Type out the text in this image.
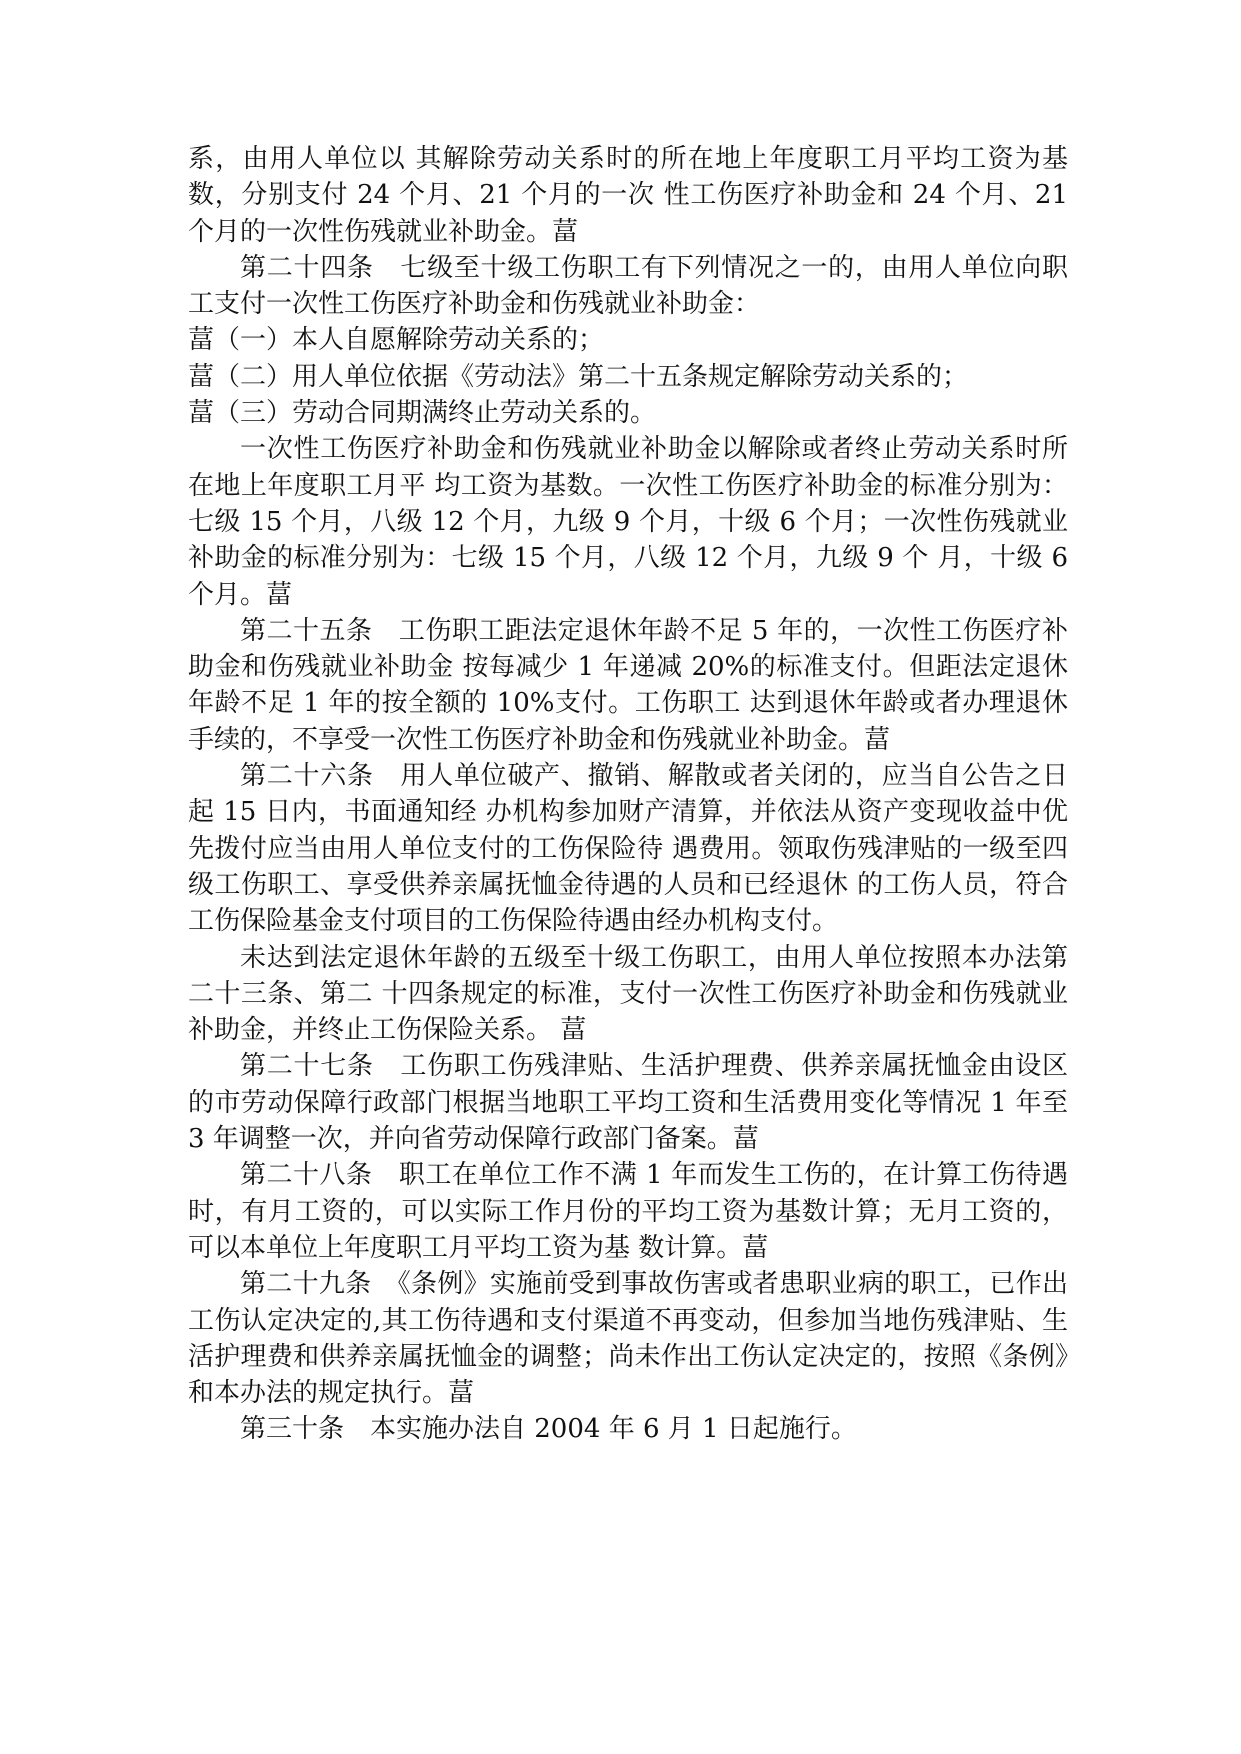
系，由用人单位以 其解除劳动关系时的所在地上年度职工月平均工资为基数，分别支付 24 个月、21 个月的一次 性工伤医疗补助金和 24 个月、21 个月的一次性伤残就业补助金。葍

第二十四条　七级至十级工伤职工有下列情况之一的，由用人单位向职 工支付一次性工伤医疗补助金和伤残就业补助金：

葍（一）本人自愿解除劳动关系的；

葍（二）用人单位依据《劳动法》第二十五条规定解除劳动关系的；

葍（三）劳动合同期满终止劳动关系的。

一次性工伤医疗补助金和伤残就业补助金以解除或者终止劳动关系时所在地上年度职工月平 均工资为基数。一次性工伤医疗补助金的标准分别为：七级 15 个月，八级 12 个月，九级 9 个月，十级 6 个月；一次性伤残就业补助金的标准分别为：七级 15 个月，八级 12 个月，九级 9 个 月，十级 6 个月。葍

第二十五条　工伤职工距法定退休年龄不足 5 年的，一次性工伤医疗补助金和伤残就业补助金 按每减少 1 年递减 20%的标准支付。但距法定退休年龄不足 1 年的按全额的 10%支付。工伤职工 达到退休年龄或者办理退休手续的，不享受一次性工伤医疗补助金和伤残就业补助金。葍

第二十六条　用人单位破产、撤销、解散或者关闭的，应当自公告之日起 15 日内，书面通知经 办机构参加财产清算，并依法从资产变现收益中优先拨付应当由用人单位支付的工伤保险待 遇费用。领取伤残津贴的一级至四级工伤职工、享受供养亲属抚恤金待遇的人员和已经退休 的工伤人员，符合工伤保险基金支付项目的工伤保险待遇由经办机构支付。

未达到法定退休年龄的五级至十级工伤职工，由用人单位按照本办法第二十三条、第二 十四条规定的标准，支付一次性工伤医疗补助金和伤残就业补助金，并终止工伤保险关系。 葍

第二十七条　工伤职工伤残津贴、生活护理费、供养亲属抚恤金由设区的市劳动保障行政部门根据当地职工平均工资和生活费用变化等情况 1 年至 3 年调整一次，并向省劳动保障行政部门备案。葍

第二十八条　职工在单位工作不满 1 年而发生工伤的，在计算工伤待遇时，有月工资的，可以实际工作月份的平均工资为基数计算；无月工资的，可以本单位上年度职工月平均工资为基 数计算。葍

第二十九条　《条例》实施前受到事故伤害或者患职业病的职工，已作出工伤认定决定的,其工伤待遇和支付渠道不再变动，但参加当地伤残津贴、生活护理费和供养亲属抚恤金的调整；尚未作出工伤认定决定的，按照《条例》和本办法的规定执行。葍

第三十条　本实施办法自 2004 年 6 月 1 日起施行。
